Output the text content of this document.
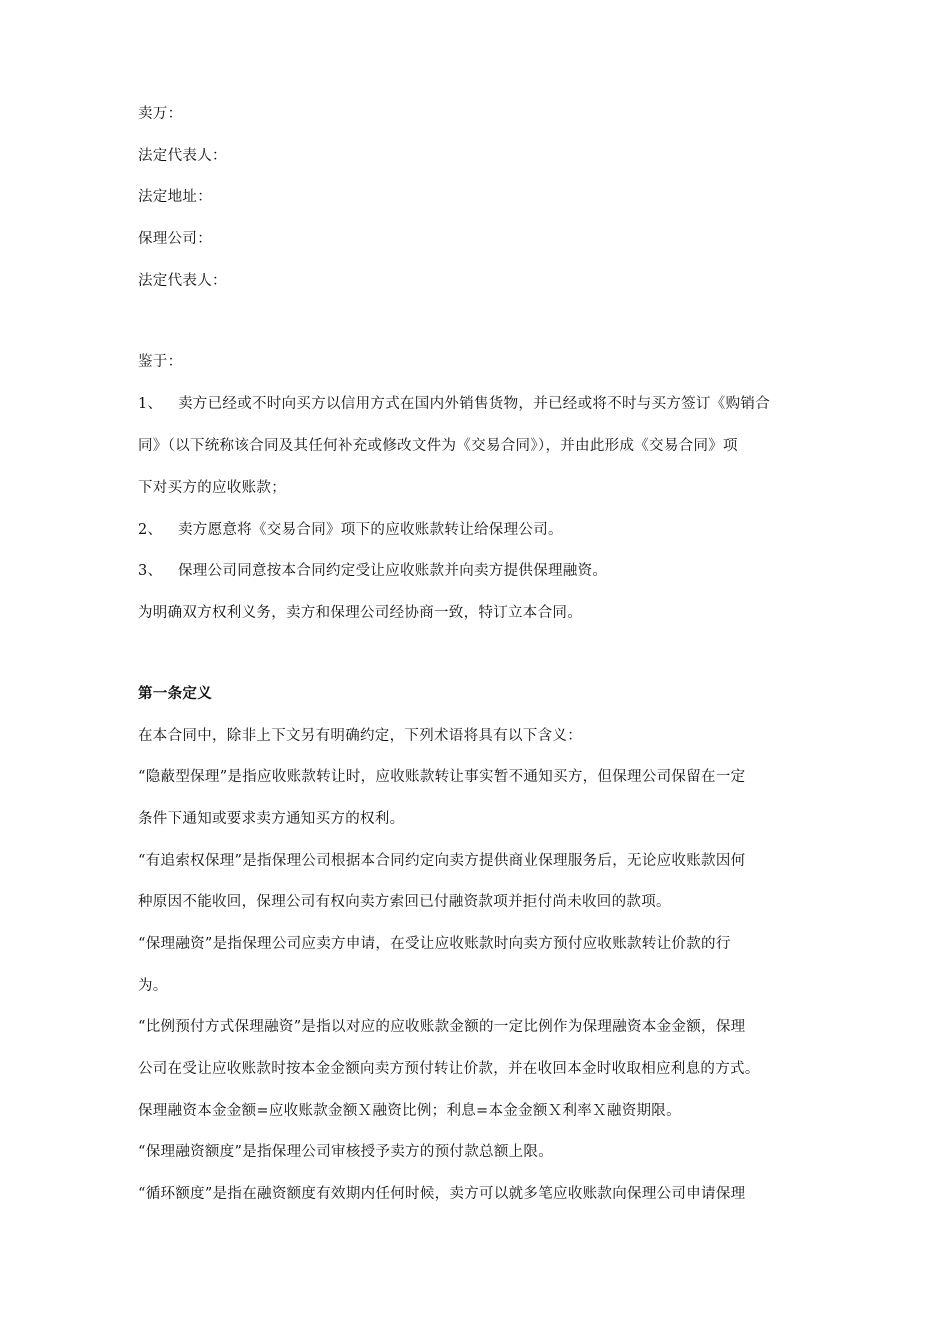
卖万：
法定代表人：
法定地址：
保理公司：
法定代表人：
鉴于：
1、 卖方已经或不时向买方以信用方式在国内外销售货物，并已经或将不时与买方签订《购销合
同》（以下统称该合同及其任何补充或修改文件为《交易合同》），并由此形成《交易合同》项
下对买方的应收账款；
2、 卖方愿意将《交易合同》项下的应收账款转让给保理公司。
3、 保理公司同意按本合同约定受让应收账款并向卖方提供保理融资。
为明确双方权利义务，卖方和保理公司经协商一致，特订立本合同。
第一条定义
在本合同中，除非上下文另有明确约定，下列术语将具有以下含义：
“隐蔽型保理”是指应收账款转让时，应收账款转让事实暂不通知买方，但保理公司保留在一定
条件下通知或要求卖方通知买方的权利。
“有追索权保理”是指保理公司根据本合同约定向卖方提供商业保理服务后，无论应收账款因何
种原因不能收回，保理公司有权向卖方索回已付融资款项并拒付尚未收回的款项。
“保理融资”是指保理公司应卖方申请，在受让应收账款时向卖方预付应收账款转让价款的行
为。
“比例预付方式保理融资”是指以对应的应收账款金额的一定比例作为保理融资本金金额，保理
公司在受让应收账款时按本金金额向卖方预付转让价款，并在收回本金时收取相应利息的方式。
保理融资本金金额=应收账款金额Ｘ融资比例；利息=本金金额Ｘ利率Ｘ融资期限。
“保理融资额度”是指保理公司审核授予卖方的预付款总额上限。
“循环额度”是指在融资额度有效期内任何时候，卖方可以就多笔应收账款向保理公司申请保理
